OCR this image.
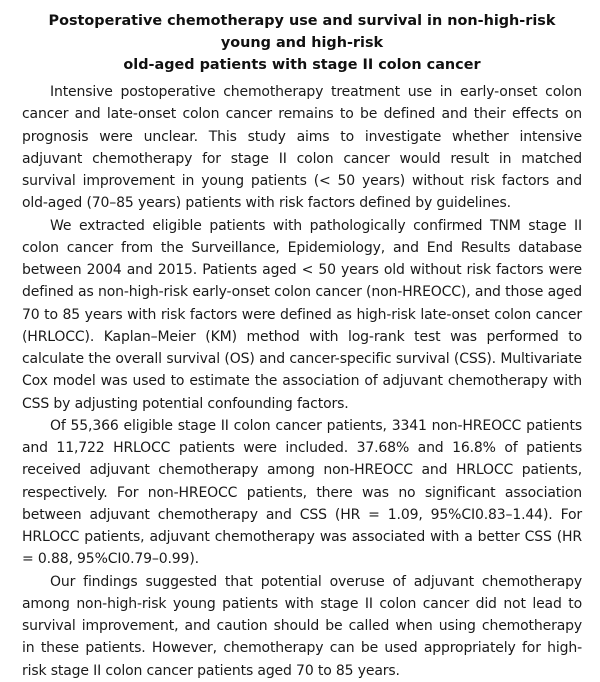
Postoperative chemotherapy use and survival in non-high-risk young and high-risk
old-aged patients with stage II colon cancer

Intensive postoperative chemotherapy treatment use in early-onset colon cancer and late-onset colon cancer remains to be defined and their effects on prognosis were unclear. This study aims to investigate whether intensive adjuvant chemotherapy for stage II colon cancer would result in matched survival improvement in young patients (< 50 years) without risk factors and old-aged (70–85 years) patients with risk factors defined by guidelines.

We extracted eligible patients with pathologically confirmed TNM stage II colon cancer from the Surveillance, Epidemiology, and End Results database between 2004 and 2015. Patients aged < 50 years old without risk factors were defined as non-high-risk early-onset colon cancer (non-HREOCC), and those aged 70 to 85 years with risk factors were defined as high-risk late-onset colon cancer (HRLOCC). Kaplan–Meier (KM) method with log-rank test was performed to calculate the overall survival (OS) and cancer-specific survival (CSS). Multivariate Cox model was used to estimate the association of adjuvant chemotherapy with CSS by adjusting potential confounding factors.

Of 55,366 eligible stage II colon cancer patients, 3341 non-HREOCC patients and 11,722 HRLOCC patients were included. 37.68% and 16.8% of patients received adjuvant chemotherapy among non-HREOCC and HRLOCC patients, respectively. For non-HREOCC patients, there was no significant association between adjuvant chemotherapy and CSS (HR = 1.09, 95%CI0.83–1.44). For HRLOCC patients, adjuvant chemotherapy was associated with a better CSS (HR = 0.88, 95%CI0.79–0.99).

Our findings suggested that potential overuse of adjuvant chemotherapy among non-high-risk young patients with stage II colon cancer did not lead to survival improvement, and caution should be called when using chemotherapy in these patients. However, chemotherapy can be used appropriately for high-risk stage II colon cancer patients aged 70 to 85 years.
